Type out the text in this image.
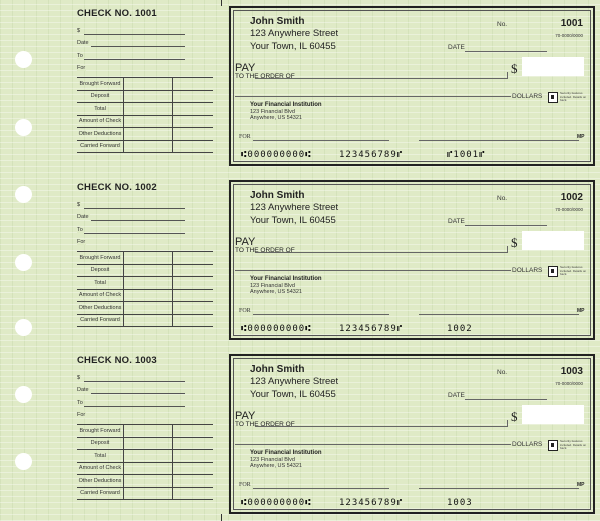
CHECK NO. 1001
$
Date
To
For
Brought Forward		
Deposit		
Total		
Amount of Check		
Other Deductions		
Carried Forward		
CHECK NO. 1002
$
Date
To
For
Brought Forward		
Deposit		
Total		
Amount of Check		
Other Deductions		
Carried Forward		
CHECK NO. 1003
$
Date
To
For
Brought Forward		
Deposit		
Total		
Amount of Check		
Other Deductions		
Carried Forward		
John Smith
123 Anywhere Street
Your Town, IL 60455
No.	1001
70-0000/0000
DATE
PAY
TO THE ORDER OF
$
DOLLARS	Security features included. Details on back.
Your Financial Institution
123 Financial Blvd
Anywhere, US 54321
FOR	MP
⑆000000000⑆	123456789⑈	⑈1001⑈
John Smith
123 Anywhere Street
Your Town, IL 60455
No.	1002
70-0000/0000
DATE
PAY
TO THE ORDER OF
$
DOLLARS	Security features included. Details on back.
Your Financial Institution
123 Financial Blvd
Anywhere, US 54321
FOR	MP
⑆000000000⑆	123456789⑈	1002
John Smith
123 Anywhere Street
Your Town, IL 60455
No.	1003
70-0000/0000
DATE
PAY
TO THE ORDER OF
$
DOLLARS	Security features included. Details on back.
Your Financial Institution
123 Financial Blvd
Anywhere, US 54321
FOR	MP
⑆000000000⑆	123456789⑈	1003
